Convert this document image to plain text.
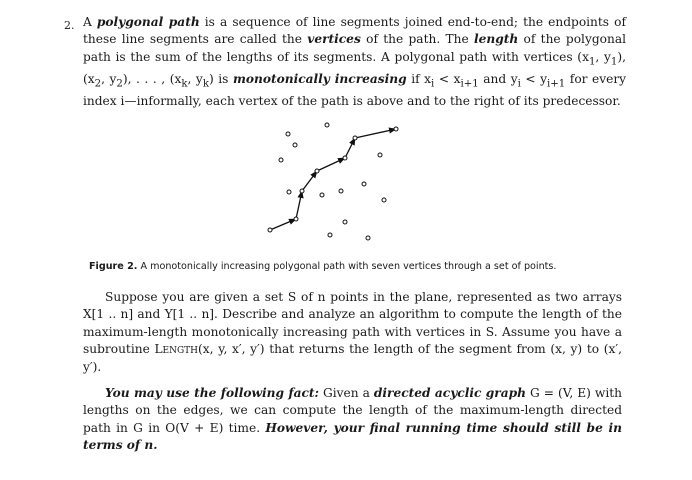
2. A polygonal path is a sequence of line segments joined end-to-end; the endpoints of these line segments are called the vertices of the path. The length of the polygonal path is the sum of the lengths of its segments. A polygonal path with vertices ($x_1$, $y_1$), ($x_2$, $y_2$), . . . , ($x_k$, $y_k$) is monotonically increasing if $x_i < x_{i+1}$ and $y_i < y_{i+1}$ for every index i—informally, each vertex of the path is above and to the right of its predecessor.

Figure 2. A monotonically increasing polygonal path with seven vertices through a set of points.

Suppose you are given a set S of n points in the plane, represented as two arrays X[1 .. n] and Y[1 .. n]. Describe and analyze an algorithm to compute the length of the maximum-length monotonically increasing path with vertices in S. Assume you have a subroutine Length(x, y, x′, y′) that returns the length of the segment from (x, y) to (x′, y′).

You may use the following fact: Given a directed acyclic graph G = (V, E) with lengths on the edges, we can compute the length of the maximum-length directed path in G in O(V + E) time. However, your final running time should still be in terms of n.
